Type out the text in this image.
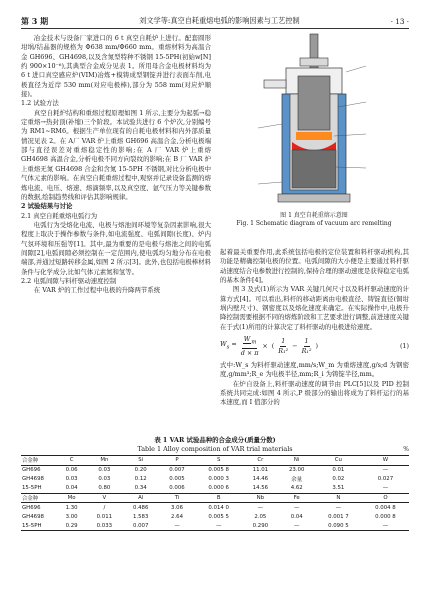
第 3 期	刘文学等:真空自耗重熔电弧的影响因素与工艺控制	· 13 ·

冶金技术与设备厂家进口的 6 t 真空自耗炉上进行。配套圆形坩埚/结晶器的规格为 Φ638 mm/Φ660 mm。重熔材料为高温合金 GH696、GH4698,以及含氮型特种不锈钢 15-5PH(初始w[N]约 900×10⁻⁶),其典型合金成分见表 1。所用母合金电极材料均为 6 t 进口真空感应炉(VIM)冶炼+模铸成型钢锭并进行表面车削,电极直径为近岸 530 mm(对应电极棒),部分为 558 mm(对应炉顺接)。

1.2 试验方法

真空自耗炉结构和重熔过程原理如图 1 所示,主要分为起弧→稳定重熔→热封顶(补缩)三个阶段。本试验共进行 6 个炉次,分别编号为 RM1~RM6。根据生产单位现有的自耗电极材料和内外部质量情况见表 2。在 A厂 VAR 炉上重熔 GH696 高温合金,分析电极端部与直径误差对重熔稳定性的影响;在 A 厂 VAR 炉上重熔 GH4698 高温合金,分析电极不同方向裂纹的影响;在 B 厂 VAR 炉上重熔无氮 GH4698 合金和含氮 15-5PH 不锈钢,对比分析电极中气体元素的影响。在真空自耗重熔过程中,观察并记录设备监测的熔炼电流、电压、熔速、熔滴频率,以及真空度、氩气压力等关键参数的数据,绘制趋势线和评估其影响规律。

2 试验结果与讨论

2.1 真空自耗重熔电弧行为

电弧行为受熔化电流、电极与熔池间环境等复杂因素影响,很大程度上取决于操作参数与条件,如电流强度、电弧间隙(长度)、炉内气氛环境和压强等[1]。其中,最为重要的是电极与熔池之间的电弧间隙[2],电弧间隙必须控制在一定范围内,使电弧均匀地分布在电极端部,并通过短路转移金属,如图 2 所示[3]。此外,也包括电极棒材料条件与化学成分,比如气体元素氮和氢等。

2.2 电弧间隙与料杆驱动速度控制

在 VAR 炉的工作过程中电极的升降两节系统

图 1 真空自耗重熔示意图
Fig. 1 Schematic diagram of vacuum arc remelting

起着最关重要作用,此系统包括电极的定位装置和料杆驱动机构,其功能是精确控制电极的位置。电弧间隙的大小便是主要通过料杆驱动速度结合电参数进行控制的,保持合理的驱动速度是获得稳定电弧的基本条件[4]。

图 3 及式(1)所示为 VAR 关键几何尺寸以及料杆驱动速度的计算方式[4]。可以看出,料杆的移动距离由电极直径、铸锭直径(铜坩埚内壁尺寸)、钢密度以及熔化速度来确定。在实际操作中,电极升降控制需要根据不同的熔炼阶段和工艺要求进行调整,前进速度关键在于式(1)所用的计算决定了料杆驱动的电极进给速度。

$W_s = \frac{W_m}{d \times \pi}$ × ( $\frac{1}{\text{R₁²}} - \frac{1}{\text{R₁²}}$ )	(1)

式中:W_s 为料杆驱动速度,mm/s;W_m 为重熔速度,g/s;d 为钢密度,g/mm³;R_e 为电极半径,mm;R_i 为铸锭半径,mm。

在炉自设备上,料杆驱动速度的调节由 PLC[5]以及 PID 控制系统共同完成:如图 4 所示,P 级部分的输出将成为了料杆运行的基本速度,而 I 值部分的

表 1 VAR 试验品种的合金成分(质量分数)
Table 1 Alloy composition of VAR trial materials	%
合金种	C	Mn	Si	P	S	Cr	Ni	Cu	W
GH696	0.06	0.03	0.20	0.007	0.005 8	11.01	23.00	0.01	—
GH4698	0.03	0.03	0.12	0.005	0.000 3	14.46	余量	0.02	0.027
15-5PH	0.04	0.80	0.34	0.006	0.000 6	14.56	4.62	3.51	—
合金种	Mo	V	Al	Ti	B	Nb	Fe	N	O
GH696	1.30	/	0.486	3.06	0.014 0	—	—	—	0.004 8
GH4698	3.00	0.011	1.583	2.64	0.005 5	2.05	0.04	0.001 7	0.000 8
15-5PH	0.29	0.033	0.007	—	—	0.290	—	0.090 5	—
